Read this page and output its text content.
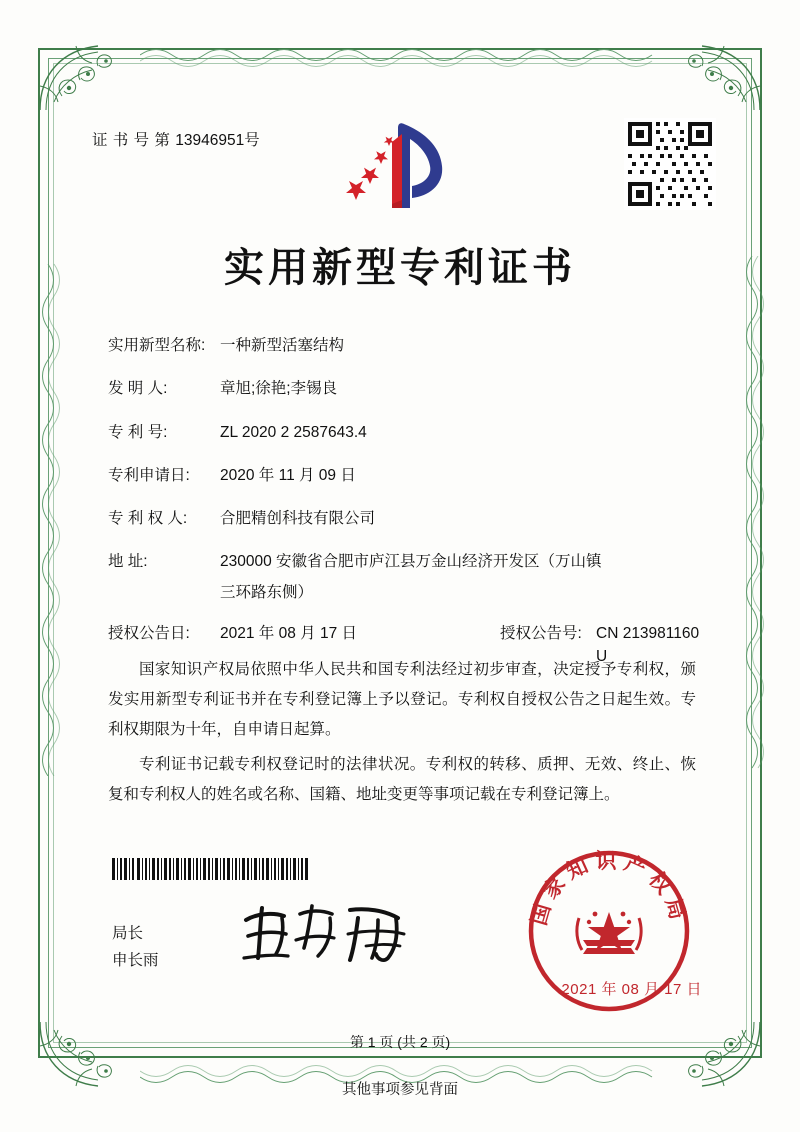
证 书 号 第 13946951号
实用新型专利证书
实用新型名称: 一种新型活塞结构
发 明 人:	章旭;徐艳;李锡良
专 利 号:	ZL 2020 2 2587643.4
专利申请日:	2020 年 11 月 09 日
专 利 权 人:	合肥精创科技有限公司
地 址:	230000 安徽省合肥市庐江县万金山经济开发区（万山镇
三环路东侧）
授权公告日:	2021 年 08 月 17 日	授权公告号: CN 213981160 U

国家知识产权局依照中华人民共和国专利法经过初步审查，决定授予专利权，颁发实用新型专利证书并在专利登记簿上予以登记。专利权自授权公告之日起生效。专利权期限为十年，自申请日起算。

专利证书记载专利权登记时的法律状况。专利权的转移、质押、无效、终止、恢复和专利权人的姓名或名称、国籍、地址变更等事项记载在专利登记簿上。

局长
申长雨
国家知识产权局
2021 年 08 月 17 日
第 1 页 (共 2 页)
其他事项参见背面
